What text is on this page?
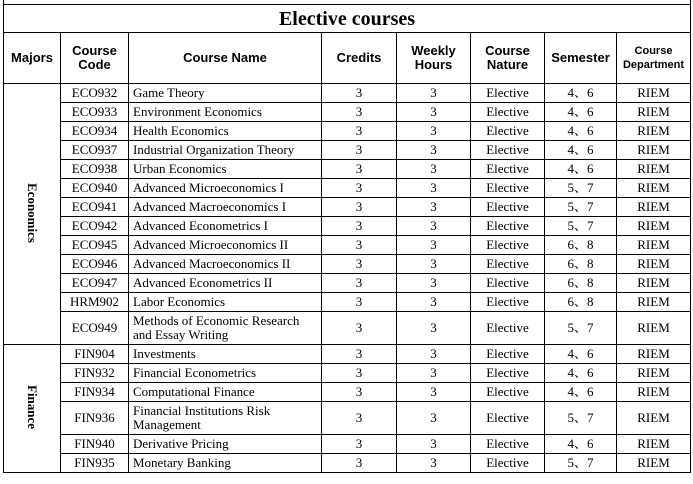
Elective courses							
Majors	Course Code	Course Name	Credits	Weekly Hours	Course Nature	Semester	Course Department
Economics	ECO932	Game Theory	3	3	Elective	4、6	RIEM
	ECO933	Environment Economics	3	3	Elective	4、6	RIEM
	ECO934	Health Economics	3	3	Elective	4、6	RIEM
	ECO937	Industrial Organization Theory	3	3	Elective	4、6	RIEM
	ECO938	Urban Economics	3	3	Elective	4、6	RIEM
	ECO940	Advanced Microeconomics I	3	3	Elective	5、7	RIEM
	ECO941	Advanced Macroeconomics I	3	3	Elective	5、7	RIEM
	ECO942	Advanced Econometrics I	3	3	Elective	5、7	RIEM
	ECO945	Advanced Microeconomics II	3	3	Elective	6、8	RIEM
	ECO946	Advanced Macroeconomics II	3	3	Elective	6、8	RIEM
	ECO947	Advanced Econometrics II	3	3	Elective	6、8	RIEM
	HRM902	Labor Economics	3	3	Elective	6、8	RIEM
	ECO949	Methods of Economic Research and Essay Writing	3	3	Elective	5、7	RIEM
Finance	FIN904	Investments	3	3	Elective	4、6	RIEM
	FIN932	Financial Econometrics	3	3	Elective	4、6	RIEM
	FIN934	Computational Finance	3	3	Elective	4、6	RIEM
	FIN936	Financial Institutions Risk Management	3	3	Elective	5、7	RIEM
	FIN940	Derivative Pricing	3	3	Elective	4、6	RIEM
	FIN935	Monetary Banking	3	3	Elective	5、7	RIEM
